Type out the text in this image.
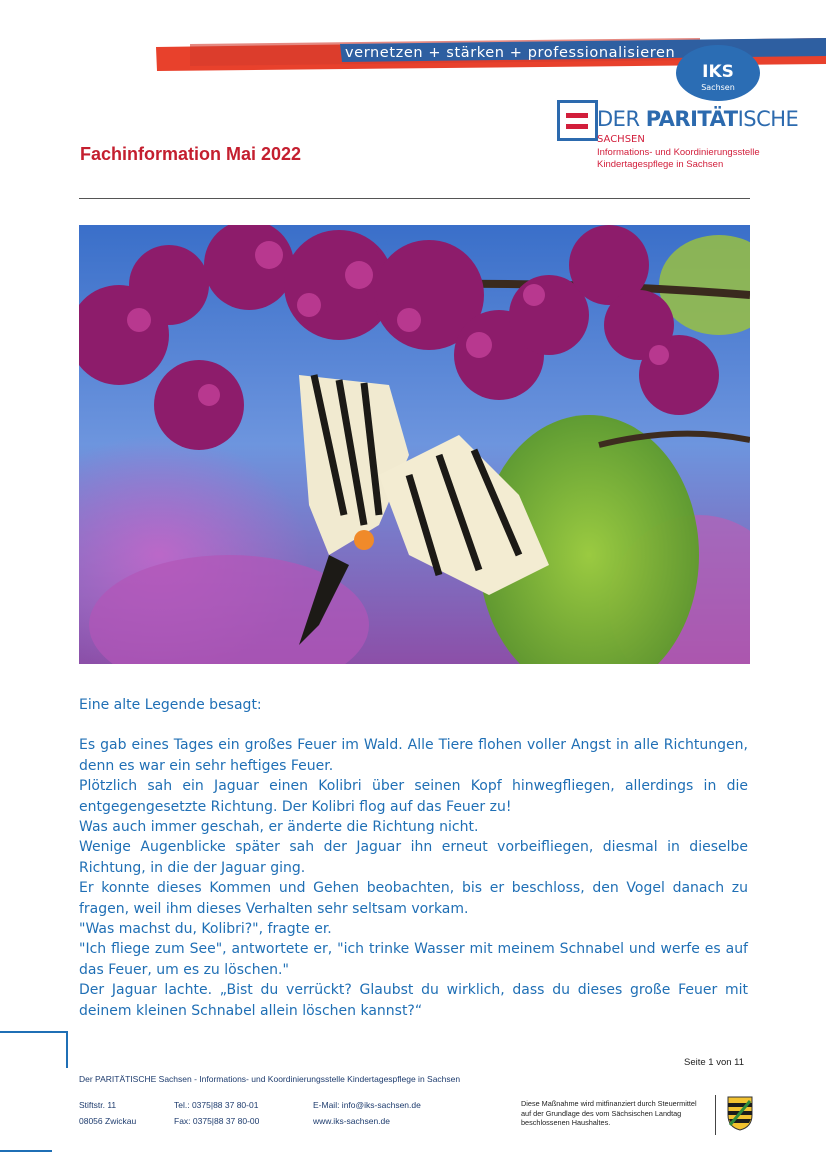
vernetzen + stärken + professionalisieren
IKS
Sachsen
DER PARITÄTISCHE
SACHSEN
Informations- und Koordinierungsstelle
Kindertagespflege in Sachsen
Fachinformation Mai 2022

Eine alte Legende besagt:

Es gab eines Tages ein großes Feuer im Wald. Alle Tiere flohen voller Angst in alle Richtungen, denn es war ein sehr heftiges Feuer.

Plötzlich sah ein Jaguar einen Kolibri über seinen Kopf hinwegfliegen, allerdings in die entgegengesetzte Richtung. Der Kolibri flog auf das Feuer zu!

Was auch immer geschah, er änderte die Richtung nicht.

Wenige Augenblicke später sah der Jaguar ihn erneut vorbeifliegen, diesmal in dieselbe Richtung, in die der Jaguar ging.

Er konnte dieses Kommen und Gehen beobachten, bis er beschloss, den Vogel danach zu fragen, weil ihm dieses Verhalten sehr seltsam vorkam.

"Was machst du, Kolibri?", fragte er.

"Ich fliege zum See", antwortete er, "ich trinke Wasser mit meinem Schnabel und werfe es auf das Feuer, um es zu löschen."

Der Jaguar lachte. „Bist du verrückt? Glaubst du wirklich, dass du dieses große Feuer mit deinem kleinen Schnabel allein löschen kannst?“

Seite 1 von 11
Der PARITÄTISCHE Sachsen - Informations- und Koordinierungsstelle Kindertagespflege in Sachsen
Stiftstr. 11
08056 Zwickau
Tel.: 0375|88 37 80-01
Fax: 0375|88 37 80-00
E-Mail: info@iks-sachsen.de
www.iks-sachsen.de
Diese Maßnahme wird mitfinanziert durch Steuermittel
auf der Grundlage des vom Sächsischen Landtag
beschlossenen Haushaltes.
